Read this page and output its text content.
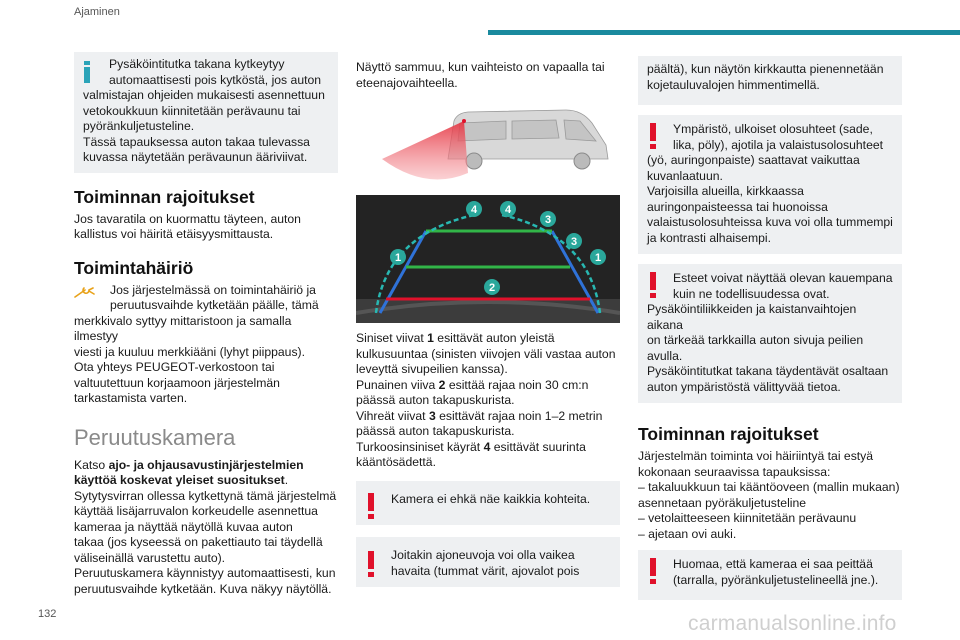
Ajaminen

Pysäköintitutka takana kytkeytyy

automaattisesti pois kytköstä, jos auton

valmistajan ohjeiden mukaisesti asennettuun

vetokoukkuun kiinnitetään perävaunu tai

pyöränkuljetusteline.

Tässä tapauksessa auton takaa tulevassa

kuvassa näytetään perävaunun ääriviivat.

Toiminnan rajoitukset

Jos tavaratila on kuormattu täyteen, auton

kallistus voi häiritä etäisyysmittausta.

Toimintahäiriö

Jos järjestelmässä on toimintahäiriö ja

peruutusvaihde kytketään päälle, tämä

merkkivalo syttyy mittaristoon ja samalla ilmestyy

viesti ja kuuluu merkkiääni (lyhyt piippaus).

Ota yhteys PEUGEOT-verkostoon tai

valtuutettuun korjaamoon järjestelmän

tarkastamista varten.

Peruutuskamera

Katso ajo- ja ohjausavustinjärjestelmien

käyttöä koskevat yleiset suositukset.

Sytytysvirran ollessa kytkettynä tämä järjestelmä

käyttää lisäjarruvalon korkeudelle asennettua

kameraa ja näyttää näytöllä kuvaa auton

takaa (jos kyseessä on pakettiauto tai täydellä

väliseinällä varustettu auto).

Peruutuskamera käynnistyy automaattisesti, kun

peruutusvaihde kytketään. Kuva näkyy näytöllä.

Näyttö sammuu, kun vaihteisto on vapaalla tai

eteenajovaihteella.

1	1
2
3
3
4	4

Siniset viivat 1 esittävät auton yleistä

kulkusuuntaa (sinisten viivojen väli vastaa auton

leveyttä sivupeilien kanssa).

Punainen viiva 2 esittää rajaa noin 30 cm:n

päässä auton takapuskurista.

Vihreät viivat 3 esittävät rajaa noin 1–2 metrin

päässä auton takapuskurista.

Turkoosinsiniset käyrät 4 esittävät suurinta

kääntösädettä.

Kamera ei ehkä näe kaikkia kohteita.

Joitakin ajoneuvoja voi olla vaikea

havaita (tummat värit, ajovalot pois

päältä), kun näytön kirkkautta pienennetään

kojetauluvalojen himmentimellä.

Ympäristö, ulkoiset olosuhteet (sade,

lika, pöly), ajotila ja valaistusolosuhteet

(yö, auringonpaiste) saattavat vaikuttaa

kuvanlaatuun.

Varjoisilla alueilla, kirkkaassa

auringonpaisteessa tai huonoissa

valaistusolosuhteissa kuva voi olla tummempi

ja kontrasti alhaisempi.

Esteet voivat näyttää olevan kauempana

kuin ne todellisuudessa ovat.

Pysäköintiliikkeiden ja kaistanvaihtojen aikana

on tärkeää tarkkailla auton sivuja peilien

avulla.

Pysäköintitutkat takana täydentävät osaltaan

auton ympäristöstä välittyvää tietoa.

Toiminnan rajoitukset

Järjestelmän toiminta voi häiriintyä tai estyä

kokonaan seuraavissa tapauksissa:

– takaluukkuun tai kääntöoveen (mallin mukaan)

asennetaan pyöräkuljetusteline

– vetolaitteeseen kiinnitetään perävaunu

– ajetaan ovi auki.

Huomaa, että kameraa ei saa peittää

(tarralla, pyöränkuljetustelineellä jne.).

132	carmanualsonline.info
